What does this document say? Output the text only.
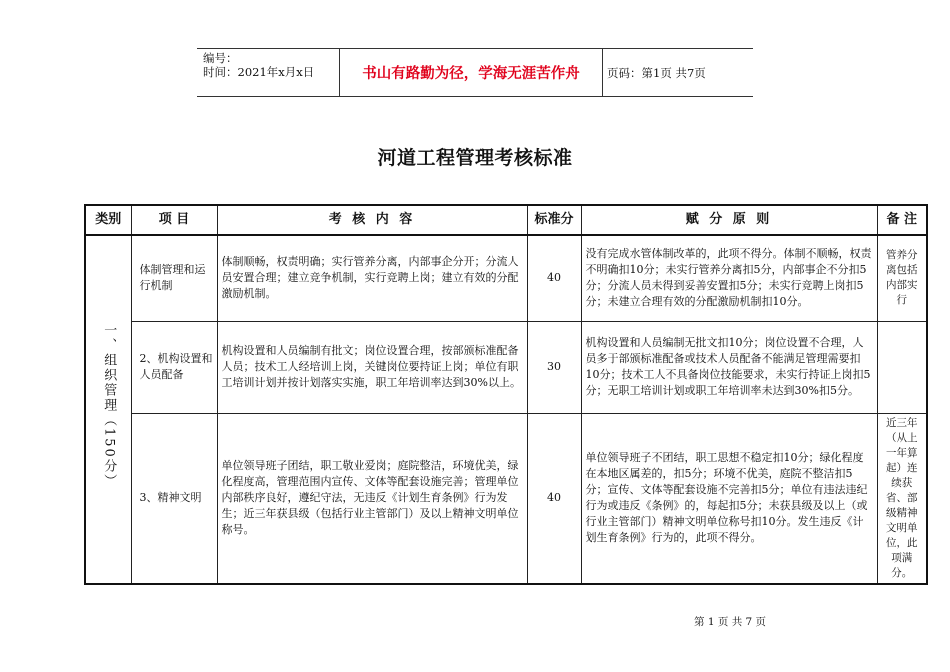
编号：
时间：2021年x月x日	书山有路勤为径，学海无涯苦作舟	页码：第1页 共7页
河道工程管理考核标准
类别	项 目	考 核 内 容	标准分	赋 分 原 则	备 注
一、组织管理（150分）	体制管理和运行机制	体制顺畅，权责明确；实行管养分离，内部事企分开；分流人员安置合理；建立竞争机制，实行竞聘上岗；建立有效的分配激励机制。	40	没有完成水管体制改革的，此项不得分。体制不顺畅，权责不明确扣10分；未实行管养分离扣5分，内部事企不分扣5分；分流人员未得到妥善安置扣5分；未实行竞聘上岗扣5分；未建立合理有效的分配激励机制扣10分。	管养分离包括内部实行
	2、机构设置和人员配备	机构设置和人员编制有批文；岗位设置合理，按部颁标准配备人员；技术工人经培训上岗，关键岗位要持证上岗；单位有职工培训计划并按计划落实实施，职工年培训率达到30%以上。	30	机构设置和人员编制无批文扣10分；岗位设置不合理，人员多于部颁标准配备或技术人员配备不能满足管理需要扣10分；技术工人不具备岗位技能要求，未实行持证上岗扣5分；无职工培训计划或职工年培训率未达到30%扣5分。	
	3、精神文明	单位领导班子团结，职工敬业爱岗；庭院整洁，环境优美，绿化程度高，管理范围内宣传、文体等配套设施完善；管理单位内部秩序良好，遵纪守法，无违反《计划生育条例》行为发生；近三年获县级（包括行业主管部门）及以上精神文明单位称号。	40	单位领导班子不团结，职工思想不稳定扣10分；绿化程度在本地区属差的，扣5分；环境不优美，庭院不整洁扣5分；宣传、文体等配套设施不完善扣5分；单位有违法违纪行为或违反《条例》的，每起扣5分；未获县级及以上（或行业主管部门）精神文明单位称号扣10分。发生违反《计划生育条例》行为的，此项不得分。	近三年（从上一年算起）连续获省、部级精神文明单位，此项满分。
第 1 页 共 7 页
